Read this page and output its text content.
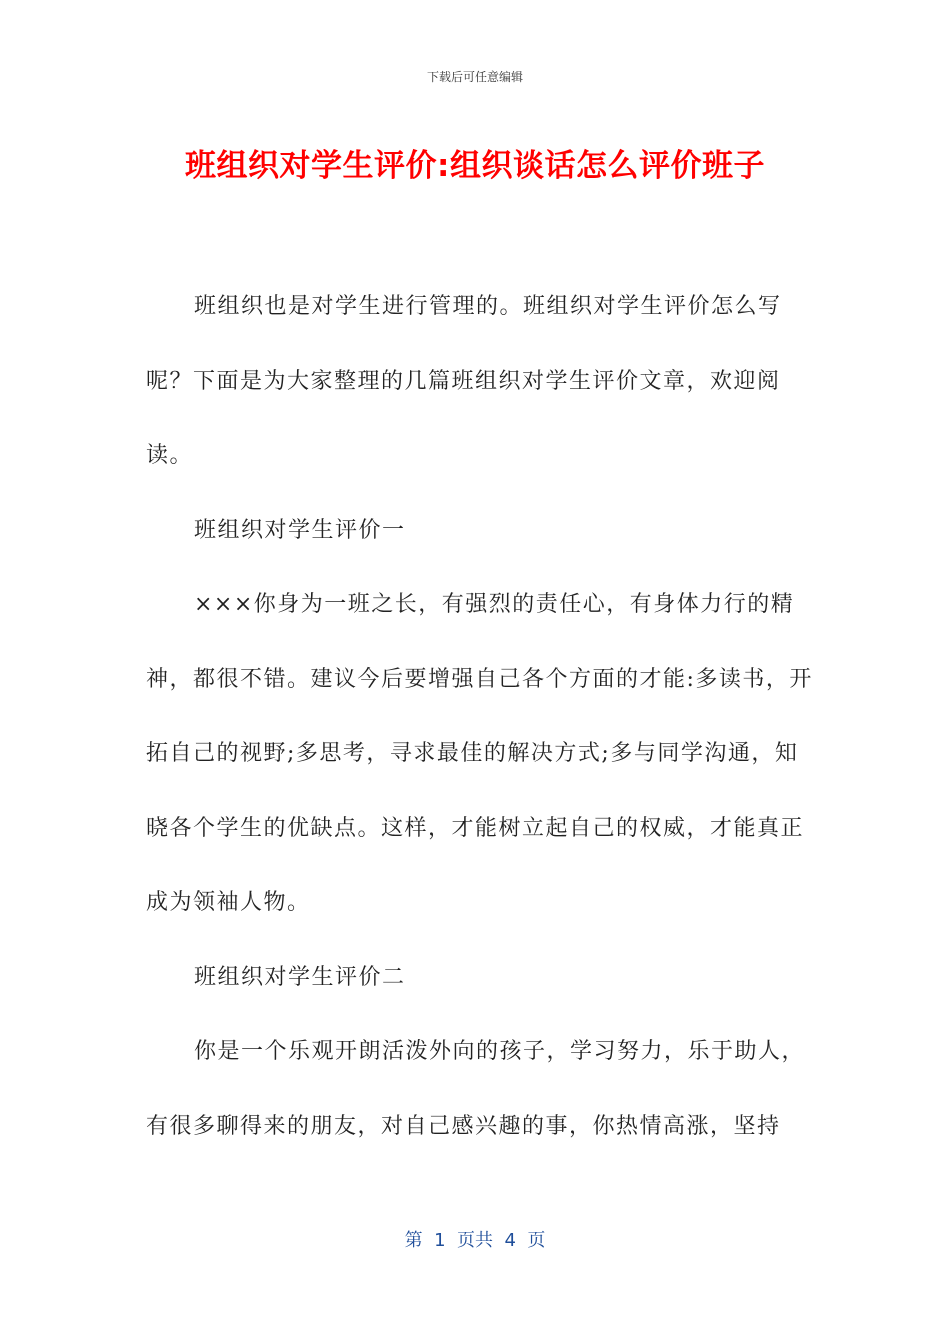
下载后可任意编辑
班组织对学生评价:组织谈话怎么评价班子

班组织也是对学生进行管理的。班组织对学生评价怎么写呢？下面是为大家整理的几篇班组织对学生评价文章，欢迎阅读。

班组织对学生评价一

×××你身为一班之长，有强烈的责任心，有身体力行的精神，都很不错。建议今后要增强自己各个方面的才能:多读书，开拓自己的视野;多思考，寻求最佳的解决方式;多与同学沟通，知晓各个学生的优缺点。这样，才能树立起自己的权威，才能真正成为领袖人物。

班组织对学生评价二

你是一个乐观开朗活泼外向的孩子，学习努力，乐于助人，有很多聊得来的朋友，对自己感兴趣的事，你热情高涨，坚持

第  1  页共  4  页
